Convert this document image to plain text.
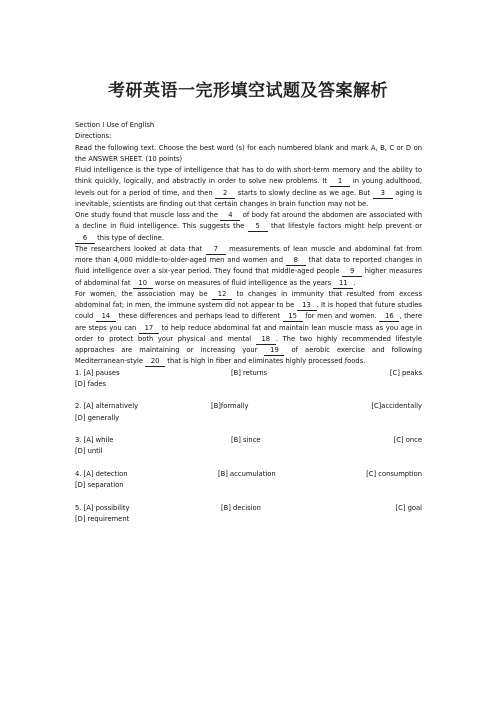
考研英语一完形填空试题及答案解析
Section I Use of English
Directions:
Read the following text. Choose the best word (s) for each numbered blank and mark A, B, C or D on the ANSWER SHEET. (10 points)
Fluid intelligence is the type of intelligence that has to do with short-term memory and the ability to think quickly, logically, and abstractly in order to solve new problems. It 1 in young adulthood, levels out for a period of time, and then 2 starts to slowly decline as we age. But 3 aging is inevitable, scientists are finding out that certain changes in brain function may not be.
One study found that muscle loss and the 4 of body fat around the abdomen are associated with a decline in fluid intelligence. This suggests the 5 that lifestyle factors might help prevent or 6 this type of decline.
The researchers looked at data that 7 measurements of lean muscle and abdominal fat from more than 4,000 middle-to-older-aged men and women and 8 that data to reported changes in fluid intelligence over a six-year period. They found that middle-aged people 9 higher measures of abdominal fat 10 worse on measures of fluid intelligence as the years 11 .
For women, the association may be 12 to changes in immunity that resulted from excess abdominal fat; in men, the immune system did not appear to be 13 . It is hoped that future studies could 14 these differences and perhaps lead to different 15 for men and women. 16 , there are steps you can 17 to help reduce abdominal fat and maintain lean muscle mass as you age in order to protect both your physical and mental 18 . The two highly recommended lifestyle approaches are maintaining or increasing your 19 of aerobic exercise and following Mediterranean-style 20 that is high in fiber and eliminates highly processed foods.
1. [A] pauses	[B] returns	[C] peaks
[D] fades
2. [A] alternatively	[B]formally	[C]accidentally
[D] generally
3. [A] while	[B] since	[C] once
[D] until
4. [A] detection	[B] accumulation	[C] consumption
[D] separation
5. [A] possibility	[B] decision	[C] goal
[D] requirement
